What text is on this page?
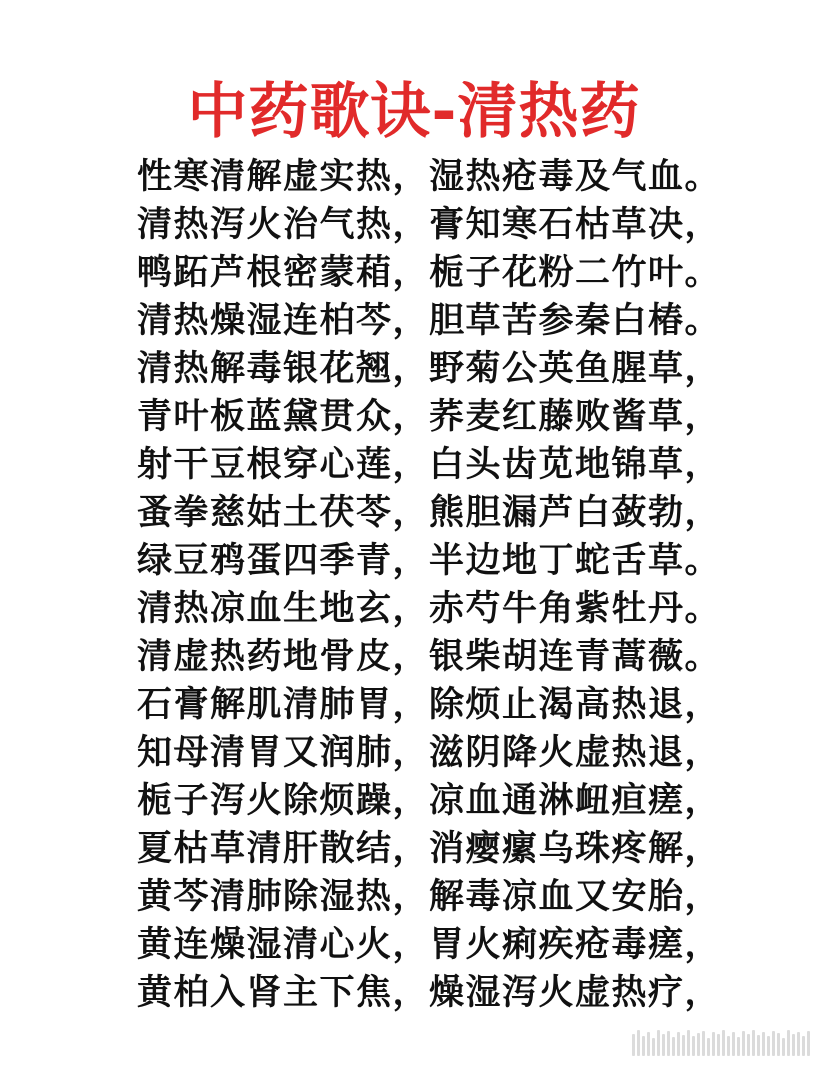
中药歌诀-清热药
性寒清解虚实热，湿热疮毒及气血。
清热泻火治气热，膏知寒石枯草决，
鸭跖芦根密蒙葙，栀子花粉二竹叶。
清热燥湿连柏芩，胆草苦参秦白椿。
清热解毒银花翘，野菊公英鱼腥草，
青叶板蓝黛贯众，荞麦红藤败酱草，
射干豆根穿心莲，白头齿苋地锦草，
蚤拳慈姑土茯苓，熊胆漏芦白蔹勃，
绿豆鸦蛋四季青，半边地丁蛇舌草。
清热凉血生地玄，赤芍牛角紫牡丹。
清虚热药地骨皮，银柴胡连青蒿薇。
石膏解肌清肺胃，除烦止渴高热退，
知母清胃又润肺，滋阴降火虚热退，
栀子泻火除烦躁，凉血通淋衄疸瘥，
夏枯草清肝散结，消瘿瘰乌珠疼解，
黄芩清肺除湿热，解毒凉血又安胎，
黄连燥湿清心火，胃火痢疾疮毒瘥，
黄柏入肾主下焦，燥湿泻火虚热疗，
